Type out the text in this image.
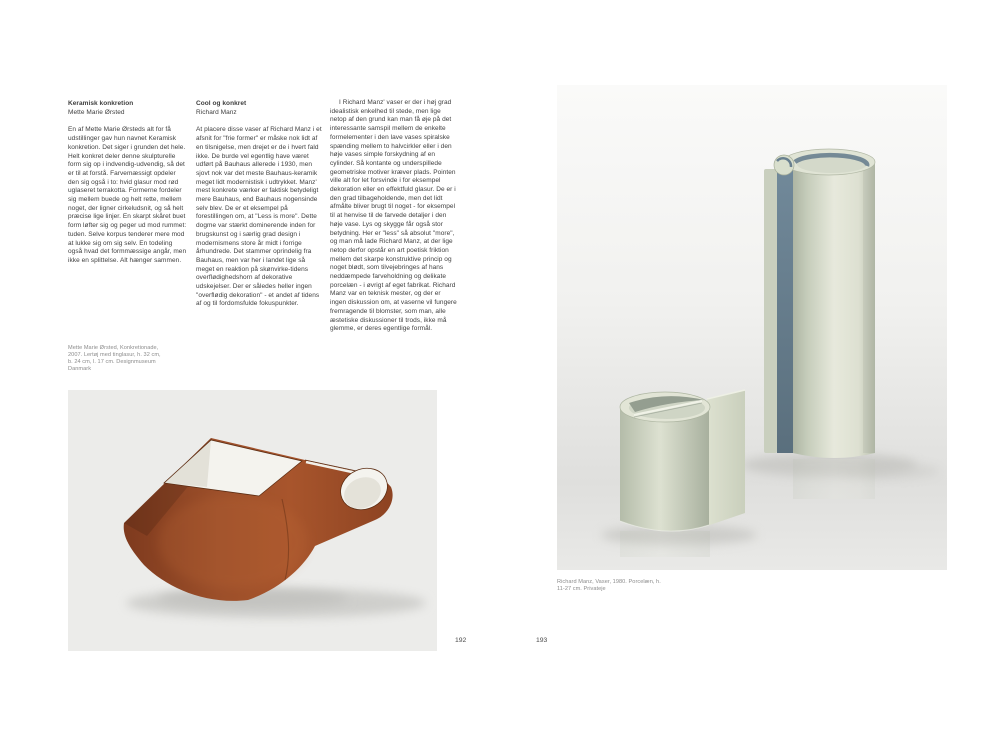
Keramisk konkretion

Mette Marie Ørsted

En af Mette Marie Ørsteds alt for få udstillinger gav hun navnet Keramisk konkretion. Det siger i grunden det hele. Helt konkret deler denne skulpturelle form sig op i indvendig-udvendig, så det er til at forstå. Farvemæssigt opdeler den sig også i to: hvid glasur mod rød uglaseret terrakotta. Formerne fordeler sig mellem buede og helt rette, mellem noget, der ligner cirkeludsnit, og så helt præcise lige linjer. En skarpt skåret buet form løfter sig og peger ud mod rummet: tuden. Selve korpus tenderer mere mod at lukke sig om sig selv. En todeling også hvad det formmæssige angår, men ikke en splittelse. Alt hænger sammen.

Cool og konkret

Richard Manz

At placere disse vaser af Richard Manz i et afsnit for "frie former" er måske nok lidt af en tilsnigelse, men drejet er de i hvert fald ikke. De burde vel egentlig have været udført på Bauhaus allerede i 1930, men sjovt nok var det meste Bauhaus-keramik meget lidt modernistisk i udtrykket. Manz' mest konkrete værker er faktisk betydeligt mere Bauhaus, end Bauhaus nogensinde selv blev. De er et eksempel på forestillingen om, at "Less is more". Dette dogme var stærkt dominerende inden for brugskunst og i særlig grad design i modernismens store år midt i forrige århundrede. Det stammer oprindelig fra Bauhaus, men var her i landet lige så meget en reaktion på skønvirke-tidens overflødighedshorn af dekorative udskejelser. Der er således heller ingen "overflødig dekoration" - et andet af tidens af og til fordomsfulde fokuspunkter.

I Richard Manz' vaser er der i høj grad idealistisk enkelhed til stede, men lige netop af den grund kan man få øje på det interessante samspil mellem de enkelte formelementer i den lave vases spiralske spænding mellem to halvcirkler eller i den høje vases simple forskydning af en cylinder. Så kontante og underspillede geometriske motiver kræver plads. Pointen ville alt for let forsvinde i for eksempel dekoration eller en effektfuld glasur. De er i den grad tilbageholdende, men det lidt afmålte bliver brugt til noget - for eksempel til at henvise til de farvede detaljer i den høje vase. Lys og skygge får også stor betydning. Her er "less" så absolut "more", og man må lade Richard Manz, at der lige netop derfor opstår en art poetisk friktion mellem det skarpe konstruktive princip og noget blødt, som tilvejebringes af hans neddæmpede farveholdning og delikate porcelæn - i øvrigt af eget fabrikat. Richard Manz var en teknisk mester, og der er ingen diskussion om, at vaserne vil fungere fremragende til blomster, som man, alle æstetiske diskussioner til trods, ikke må glemme, er deres egentlige formål.

Mette Marie Ørsted, Konkretionade, 2007. Lertøj med tinglasur, h. 32 cm, b. 24 cm, l. 17 cm. Designmuseum Danmark
192
Richard Manz, Vaser, 1980. Porcelæn, h. 11-27 cm. Privateje
193
